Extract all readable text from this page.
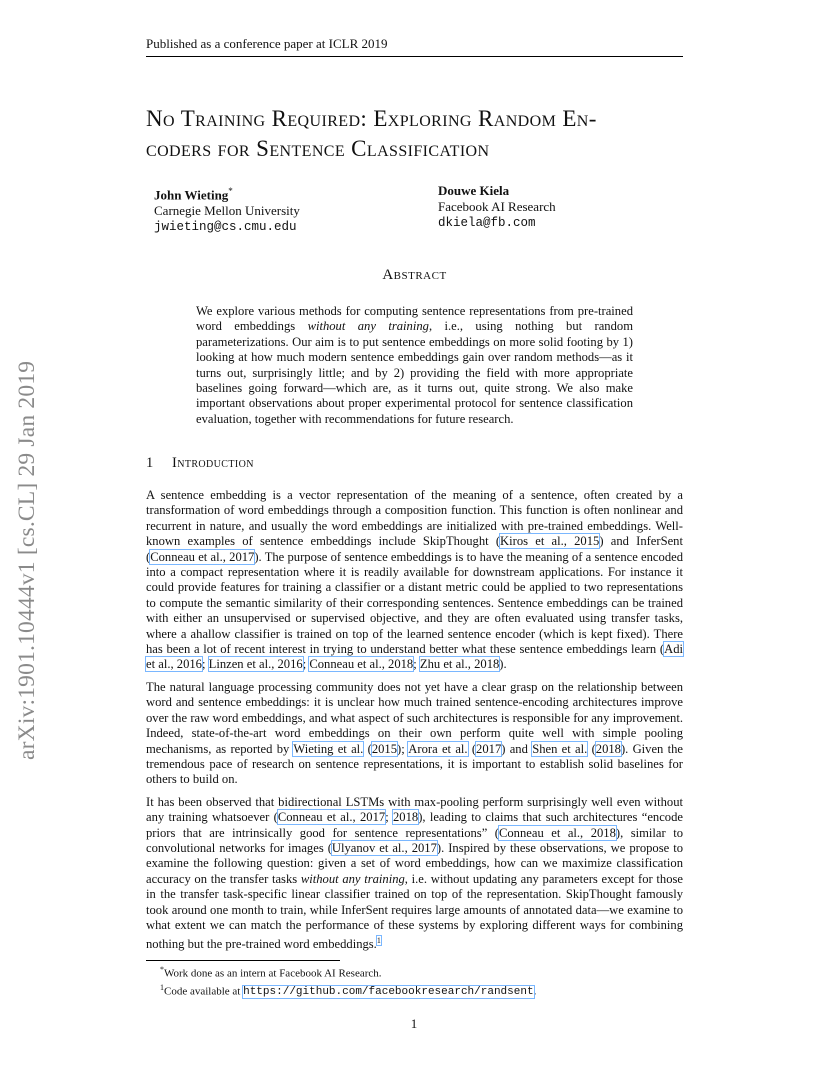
Published as a conference paper at ICLR 2019
arXiv:1901.10444v1 [cs.CL] 29 Jan 2019
No Training Required: Exploring Random En-
coders for Sentence Classification
John Wieting*
Carnegie Mellon University
jwieting@cs.cmu.edu
Douwe Kiela
Facebook AI Research
dkiela@fb.com
Abstract
We explore various methods for computing sentence representations from pre-trained word embeddings without any training, i.e., using nothing but random parameterizations. Our aim is to put sentence embeddings on more solid footing by 1) looking at how much modern sentence embeddings gain over random methods—as it turns out, surprisingly little; and by 2) providing the field with more appropriate baselines going forward—which are, as it turns out, quite strong. We also make important observations about proper experimental protocol for sentence classification evaluation, together with recommendations for future research.
1 Introduction

A sentence embedding is a vector representation of the meaning of a sentence, often created by a transformation of word embeddings through a composition function. This function is often nonlinear and recurrent in nature, and usually the word embeddings are initialized with pre-trained embeddings. Well-known examples of sentence embeddings include SkipThought (Kiros et al., 2015) and InferSent (Conneau et al., 2017). The purpose of sentence embeddings is to have the meaning of a sentence encoded into a compact representation where it is readily available for downstream applications. For instance it could provide features for training a classifier or a distant metric could be applied to two representations to compute the semantic similarity of their corresponding sentences. Sentence embeddings can be trained with either an unsupervised or supervised objective, and they are often evaluated using transfer tasks, where a ahallow classifier is trained on top of the learned sentence encoder (which is kept fixed). There has been a lot of recent interest in trying to understand better what these sentence embeddings learn (Adi et al., 2016; Linzen et al., 2016; Conneau et al., 2018; Zhu et al., 2018).

The natural language processing community does not yet have a clear grasp on the relationship between word and sentence embeddings: it is unclear how much trained sentence-encoding architectures improve over the raw word embeddings, and what aspect of such architectures is responsible for any improvement. Indeed, state-of-the-art word embeddings on their own perform quite well with simple pooling mechanisms, as reported by Wieting et al. (2015); Arora et al. (2017) and Shen et al. (2018). Given the tremendous pace of research on sentence representations, it is important to establish solid baselines for others to build on.

It has been observed that bidirectional LSTMs with max-pooling perform surprisingly well even without any training whatsoever (Conneau et al., 2017; 2018), leading to claims that such architectures “encode priors that are intrinsically good for sentence representations” (Conneau et al., 2018), similar to convolutional networks for images (Ulyanov et al., 2017). Inspired by these observations, we propose to examine the following question: given a set of word embeddings, how can we maximize classification accuracy on the transfer tasks without any training, i.e. without updating any parameters except for those in the transfer task-specific linear classifier trained on top of the representation. SkipThought famously took around one month to train, while InferSent requires large amounts of annotated data—we examine to what extent we can match the performance of these systems by exploring different ways for combining nothing but the pre-trained word embeddings.$^1$

*Work done as an intern at Facebook AI Research.
$^1$Code available at https://github.com/facebookresearch/randsent.
1
